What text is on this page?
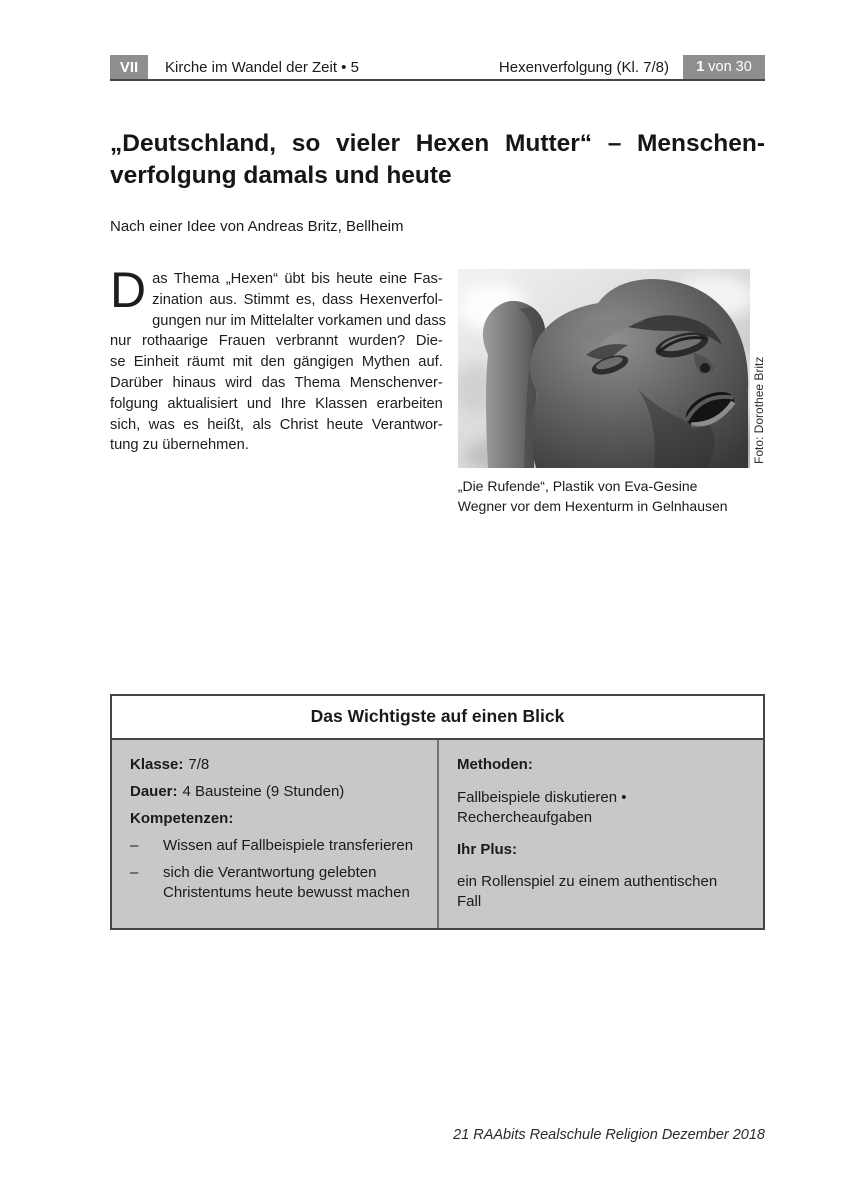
VII	Kirche im Wandel der Zeit • 5	Hexenverfolgung (Kl. 7/8) 1 von 30
„Deutschland, so vieler Hexen Mutter“ – Menschen-
verfolgung damals und heute
Nach einer Idee von Andreas Britz, Bellheim
D as Thema „Hexen“ übt bis heute eine Fas-
zination aus. Stimmt es, dass Hexenverfol-
gungen nur im Mittelalter vorkamen und dass
nur rothaarige Frauen verbrannt wurden? Die-
se Einheit räumt mit den gängigen Mythen auf.
Darüber hinaus wird das Thema Menschenver-
folgung aktualisiert und Ihre Klassen erarbeiten
sich, was es heißt, als Christ heute Verantwor-
tung zu übernehmen.	Foto: Dorothee Britz
„Die Rufende“, Plastik von Eva-Gesine Wegner vor dem Hexenturm in Gelnhausen
Das Wichtigste auf einen Blick

Klasse: 7/8

Dauer: 4 Bausteine (9 Stunden)

Kompetenzen:

–	Wissen auf Fallbeispiele transferieren
–	sich die Verantwortung gelebten Christentums heute bewusst machen

Methoden:

Fallbeispiele diskutieren • Rechercheaufgaben

Ihr Plus:

ein Rollenspiel zu einem authentischen Fall

21 RAAbits Realschule Religion Dezember 2018
